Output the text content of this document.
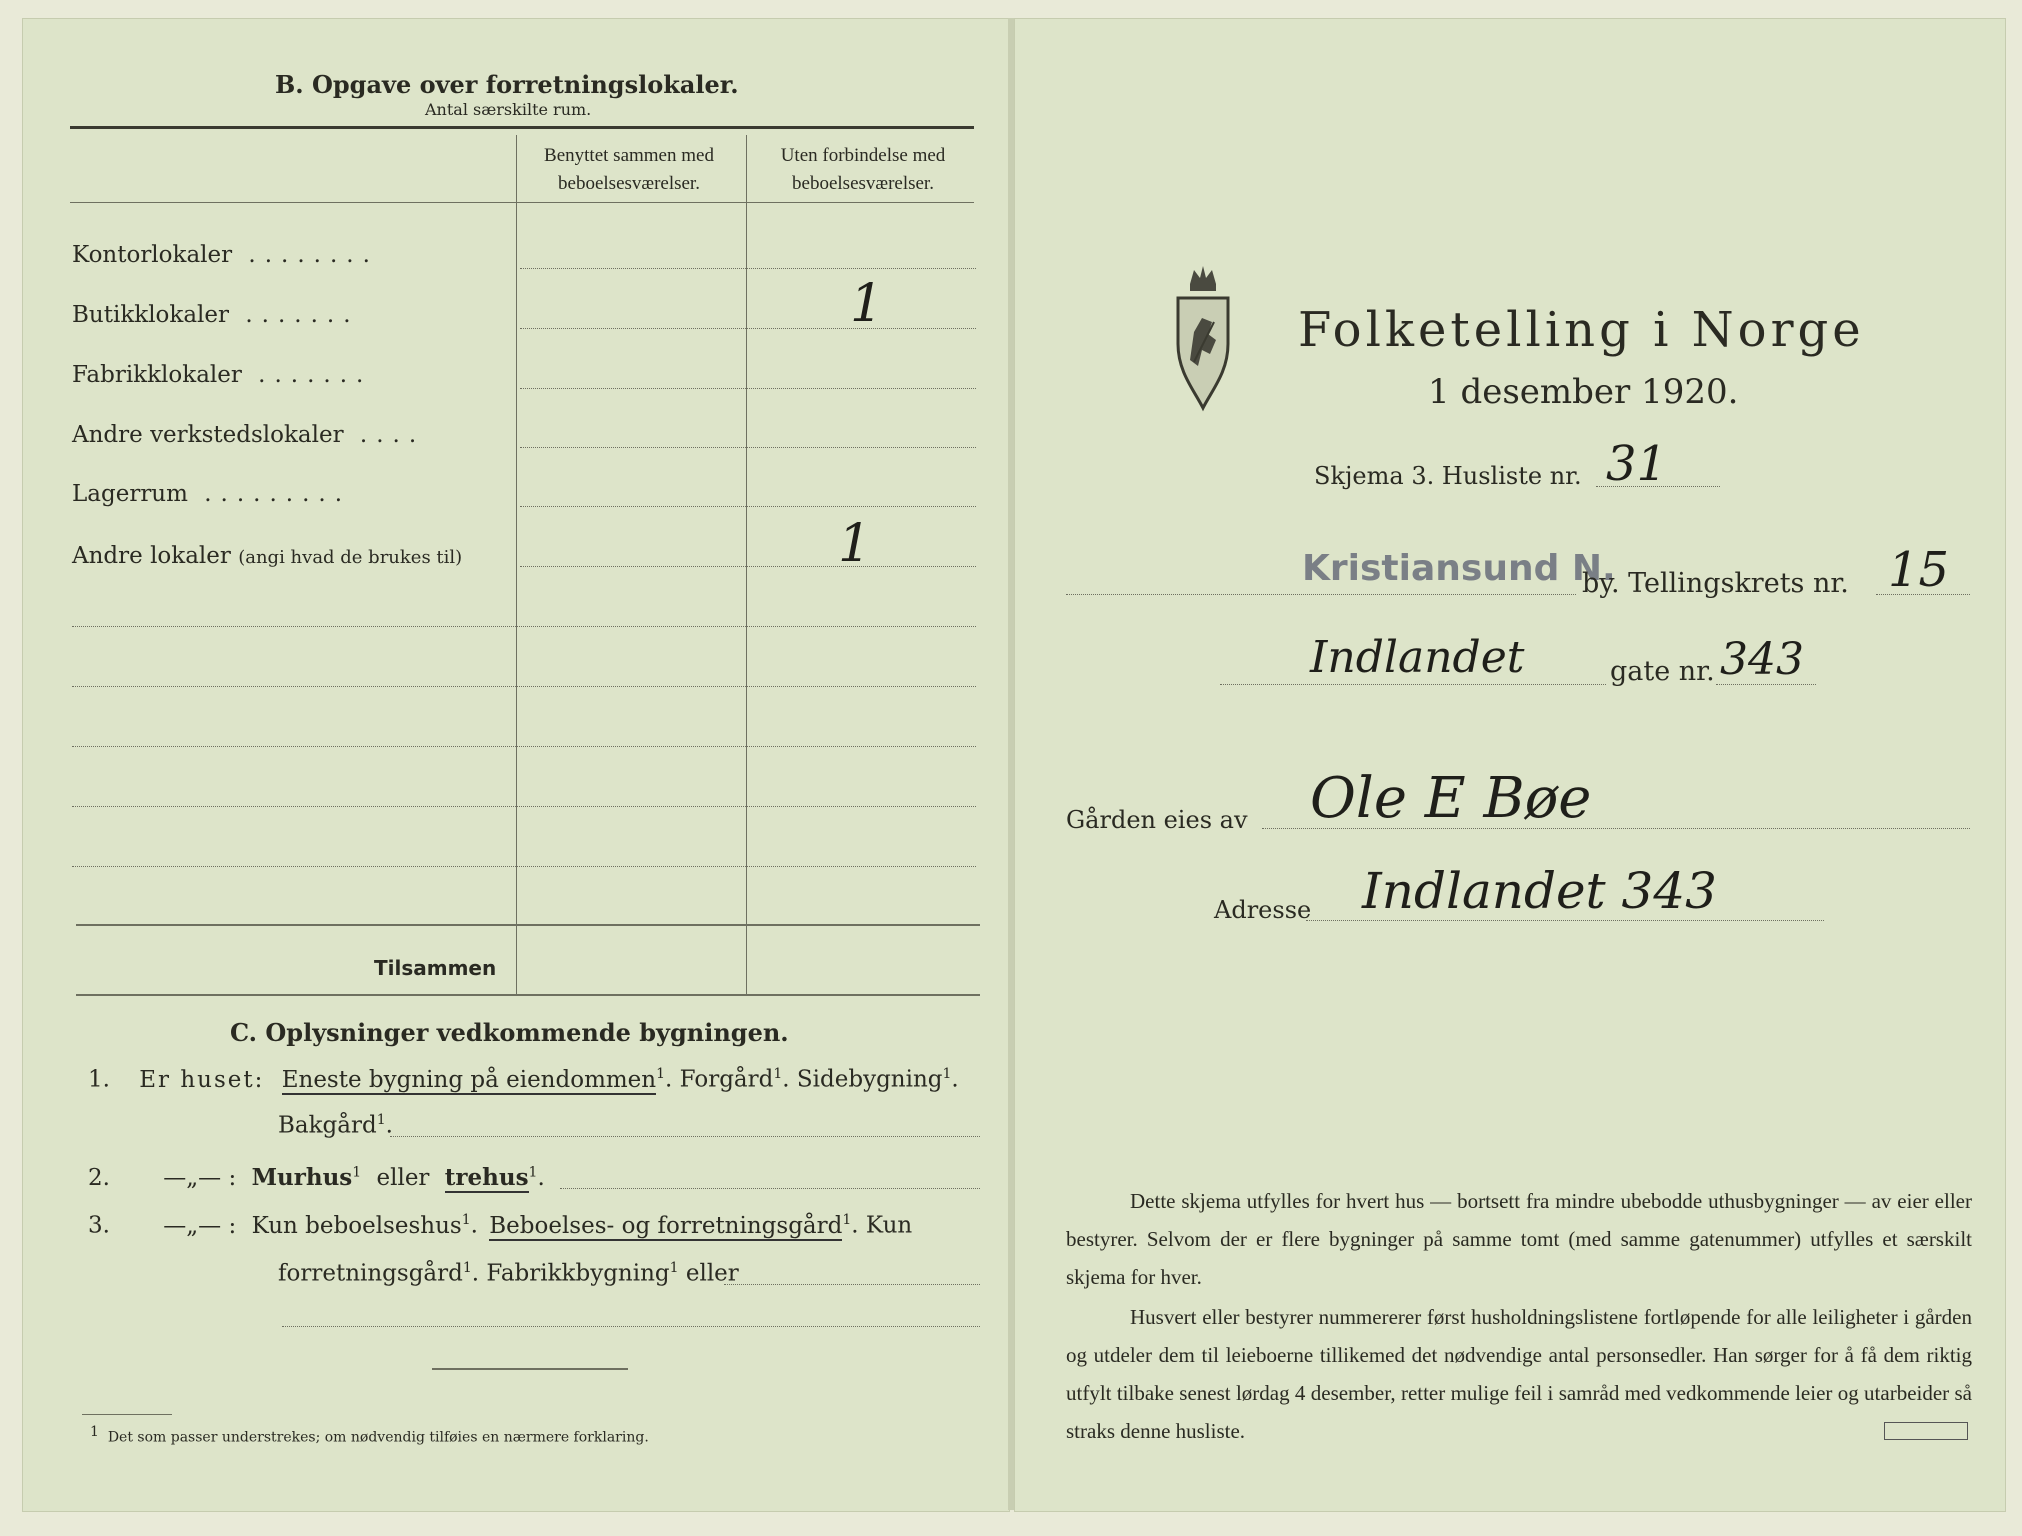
B. Opgave over forretningslokaler.
Antal særskilte rum.
Benyttet sammen med beboelsesværelser.
Uten forbindelse med beboelsesværelser.
Kontorlokaler ........
Butikklokaler .......
Fabrikklokaler .......
Andre verkstedslokaler ....
Lagerrum .........
Andre lokaler (angi hvad de brukes til)
1
1
Tilsammen
C. Oplysninger vedkommende bygningen.
1. Er huset: Eneste bygning på eiendommen$^1$. Forgård$^1$. Sidebygning$^1$.
Bakgård$^1$.
2. —„— : Murhus$^1$ eller trehus$^1$.
3. —„— : Kun beboelseshus$^1$. Beboelses- og forretningsgård$^1$. Kun
forretningsgård$^1$. Fabrikkbygning$^1$ eller
$^1$ Det som passer understrekes; om nødvendig tilføies en nærmere forklaring.
Folketelling i Norge
1 desember 1920.
Skjema 3. Husliste nr. 31
Kristiansund N.
by. Tellingskrets nr. 15
Indlandet	gate nr. 343
Gården eies av Ole E Bøe
Adresse Indlandet 343
Dette skjema utfylles for hvert hus — bortsett fra mindre ubebodde uthusbygninger — av eier eller bestyrer. Selvom der er flere bygninger på samme tomt (med samme gatenummer) utfylles et særskilt skjema for hver.
Husvert eller bestyrer nummererer først husholdningslistene fortløpende for alle leiligheter i gården og utdeler dem til leieboerne tillikemed det nødvendige antal personsedler. Han sørger for å få dem riktig utfylt tilbake senest lørdag 4 desember, retter mulige feil i samråd med vedkommende leier og utarbeider så straks denne husliste.
